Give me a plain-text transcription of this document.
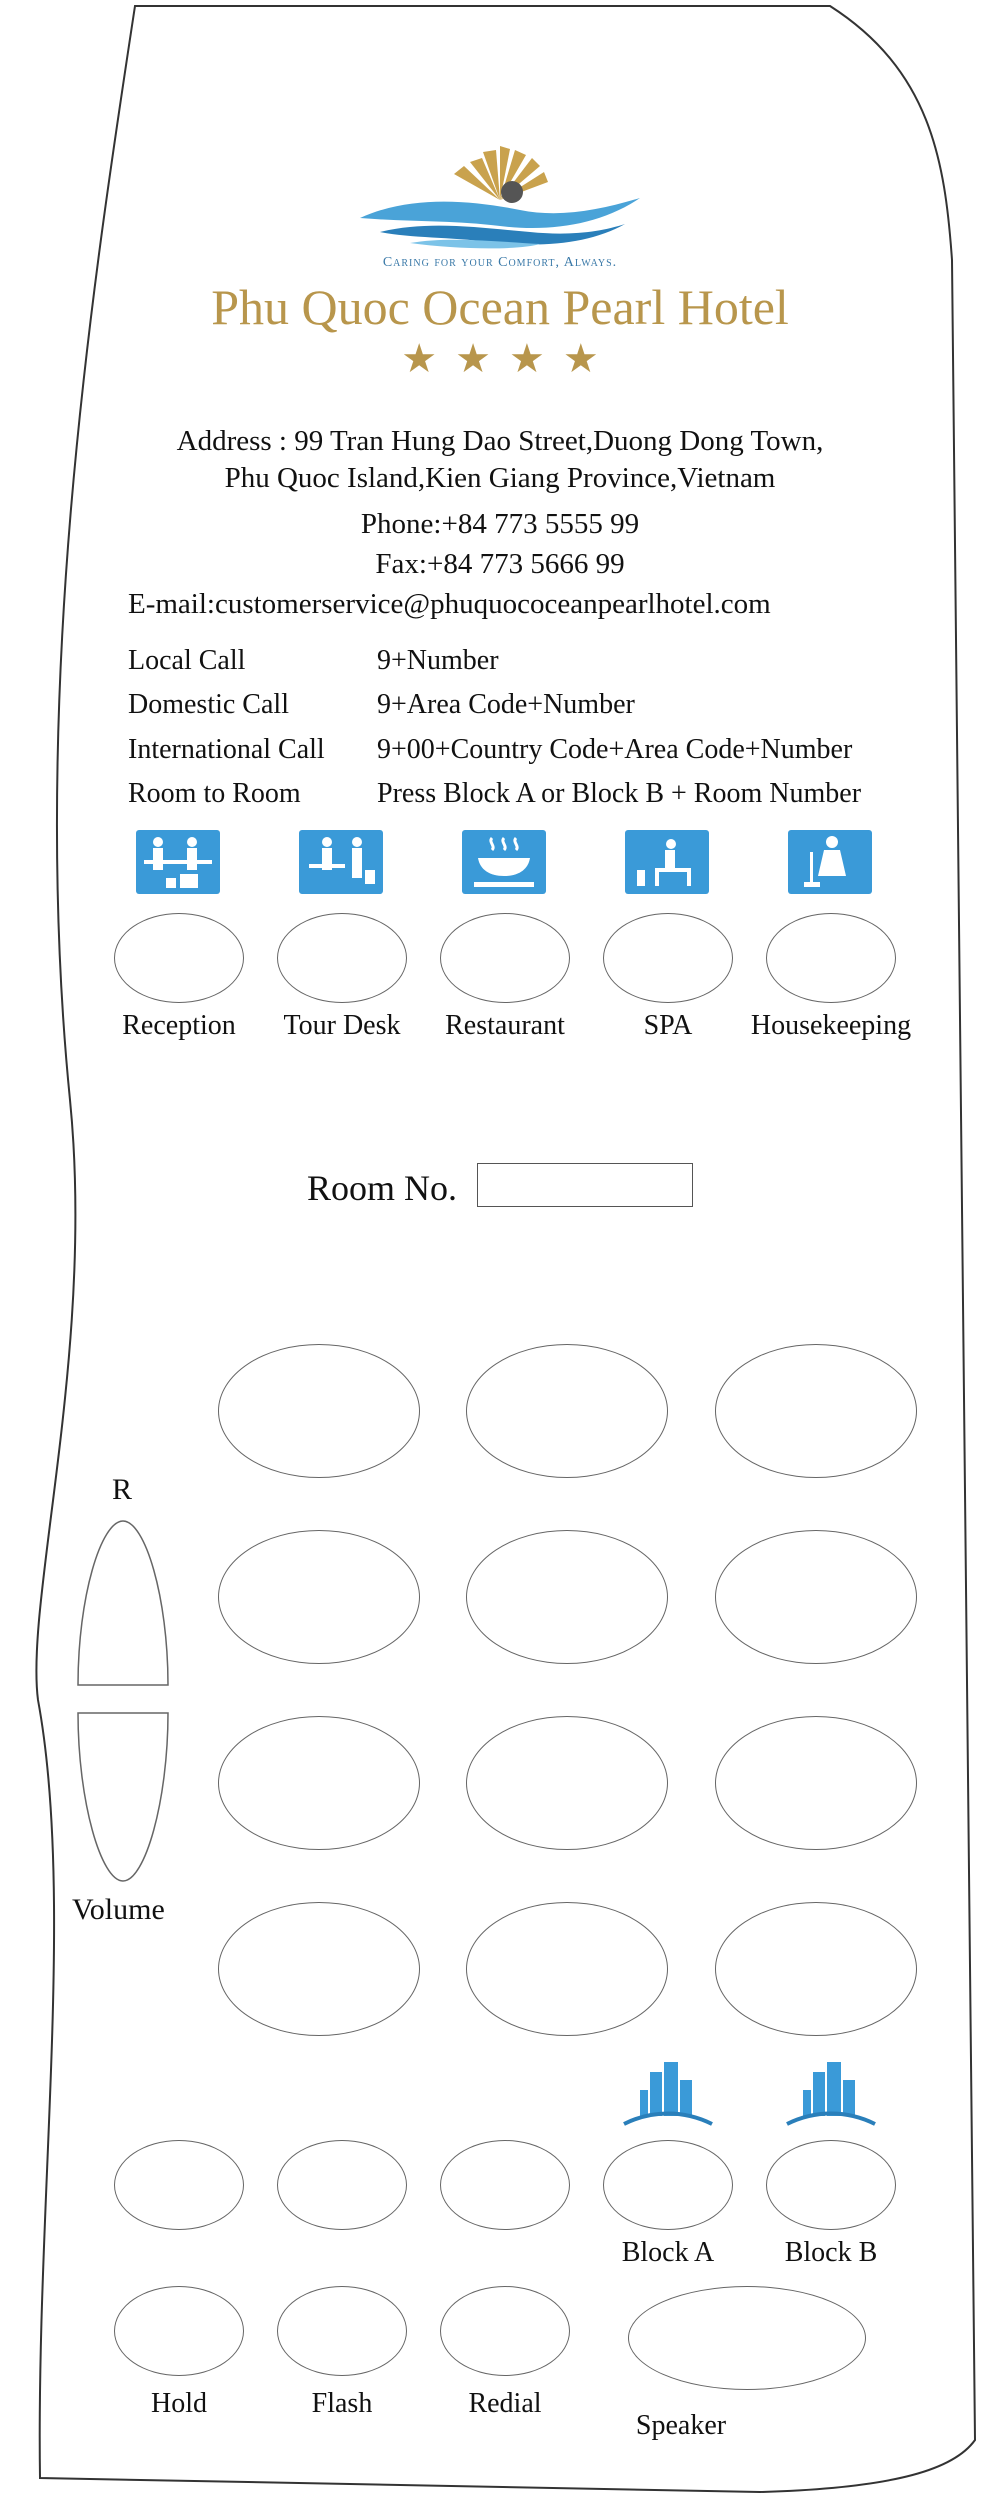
Caring for your Comfort, Always.
Phu Quoc Ocean Pearl Hotel
★★★★
Address : 99 Tran Hung Dao Street,Duong Dong Town,
Phu Quoc Island,Kien Giang Province,Vietnam
Phone:+84 773 5555 99
Fax:+84 773 5666 99
E-mail:customerservice@phuquococeanpearlhotel.com
Local Call	9+Number
Domestic Call	9+Area Code+Number
International Call 9+00+Country Code+Area Code+Number
Room to Room	Press Block A or Block B + Room Number
Reception Tour Desk Restaurant	SPA Housekeeping
Room No.
R
Volume
Block A	Block B
Hold	Flash	Redial
Speaker
